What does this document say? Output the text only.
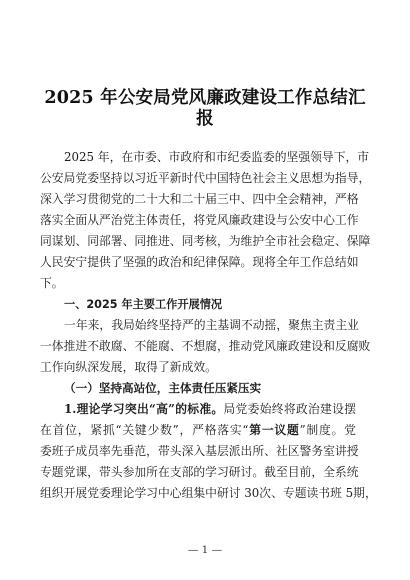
2025 年公安局党风廉政建设工作总结汇
报
2025 年，在市委、市政府和市纪委监委的坚强领导下，市
公安局党委坚持以习近平新时代中国特色社会主义思想为指导，
深入学习贯彻党的二十大和二十届三中、四中全会精神，严格
落实全面从严治党主体责任，将党风廉政建设与公安中心工作
同谋划、同部署、同推进、同考核，为维护全市社会稳定、保障
人民安宁提供了坚强的政治和纪律保障。现将全年工作总结如
下。
一、2025 年主要工作开展情况
一年来，我局始终坚持严的主基调不动摇，聚焦主责主业
一体推进不敢腐、不能腐、不想腐，推动党风廉政建设和反腐败
工作向纵深发展，取得了新成效。
（一）坚持高站位，主体责任压紧压实
1.理论学习突出“高”的标准。局党委始终将政治建设摆
在首位，紧抓“关键少数”，严格落实“第一议题”制度。党
委班子成员率先垂范，带头深入基层派出所、社区警务室讲授
专题党课，带头参加所在支部的学习研讨。截至目前，全系统
组织开展党委理论学习中心组集中研讨 30次、专题读书班 5期，
— 1 —
